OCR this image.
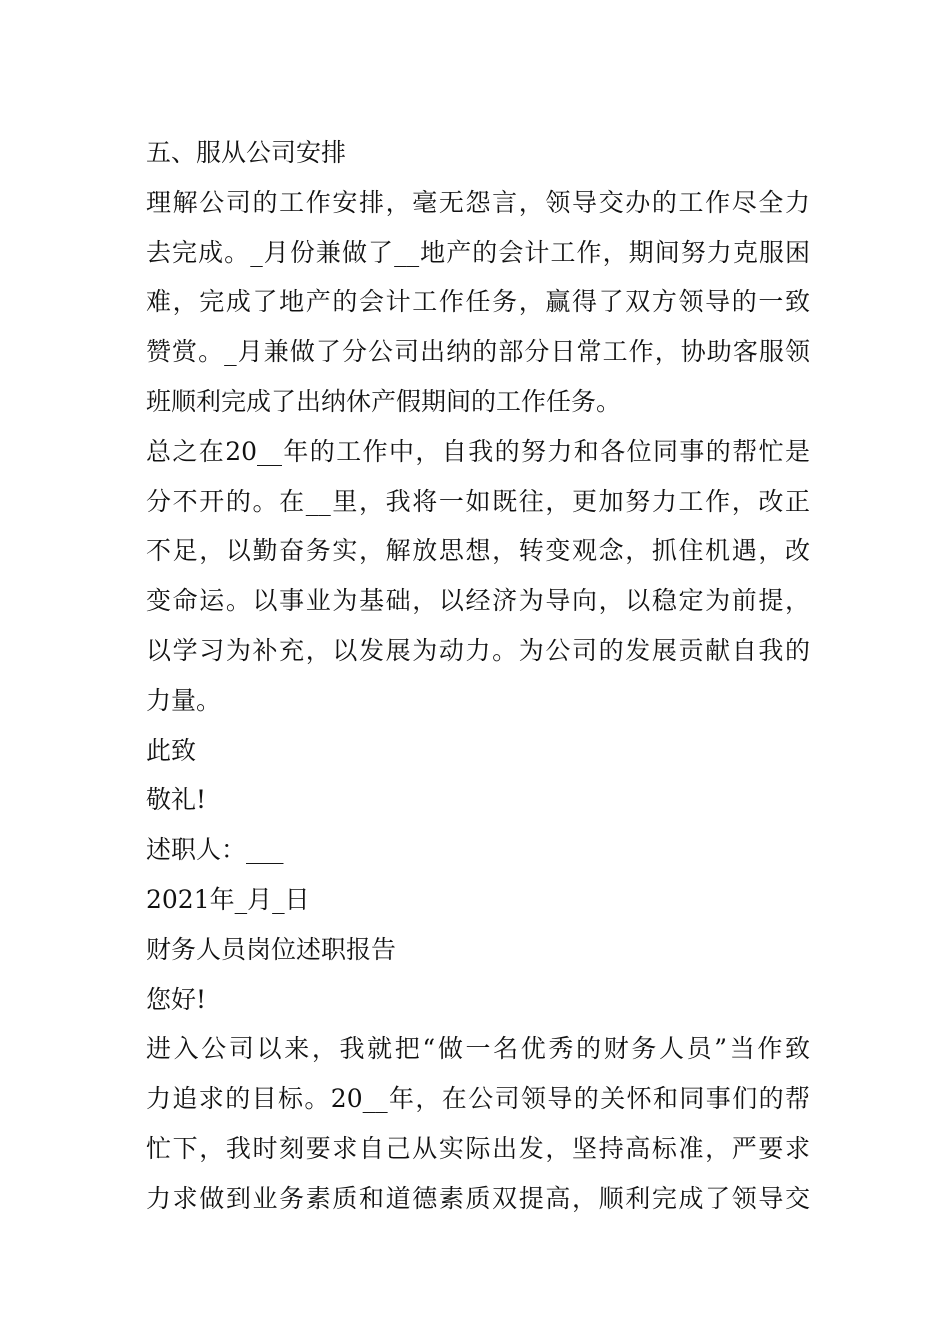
五、服从公司安排
理解公司的工作安排，毫无怨言，领导交办的工作尽全力
去完成。_月份兼做了__地产的会计工作，期间努力克服困
难，完成了地产的会计工作任务，赢得了双方领导的一致
赞赏。_月兼做了分公司出纳的部分日常工作，协助客服领
班顺利完成了出纳休产假期间的工作任务。
总之在20__年的工作中，自我的努力和各位同事的帮忙是
分不开的。在__里，我将一如既往，更加努力工作，改正
不足，以勤奋务实，解放思想，转变观念，抓住机遇，改
变命运。以事业为基础，以经济为导向，以稳定为前提，
以学习为补充，以发展为动力。为公司的发展贡献自我的
力量。
此致
敬礼!
述职人：___
2021年_月_日
财务人员岗位述职报告
您好!
进入公司以来，我就把“做一名优秀的财务人员”当作致
力追求的目标。20__年，在公司领导的关怀和同事们的帮
忙下，我时刻要求自己从实际出发，坚持高标准，严要求
力求做到业务素质和道德素质双提高，顺利完成了领导交
